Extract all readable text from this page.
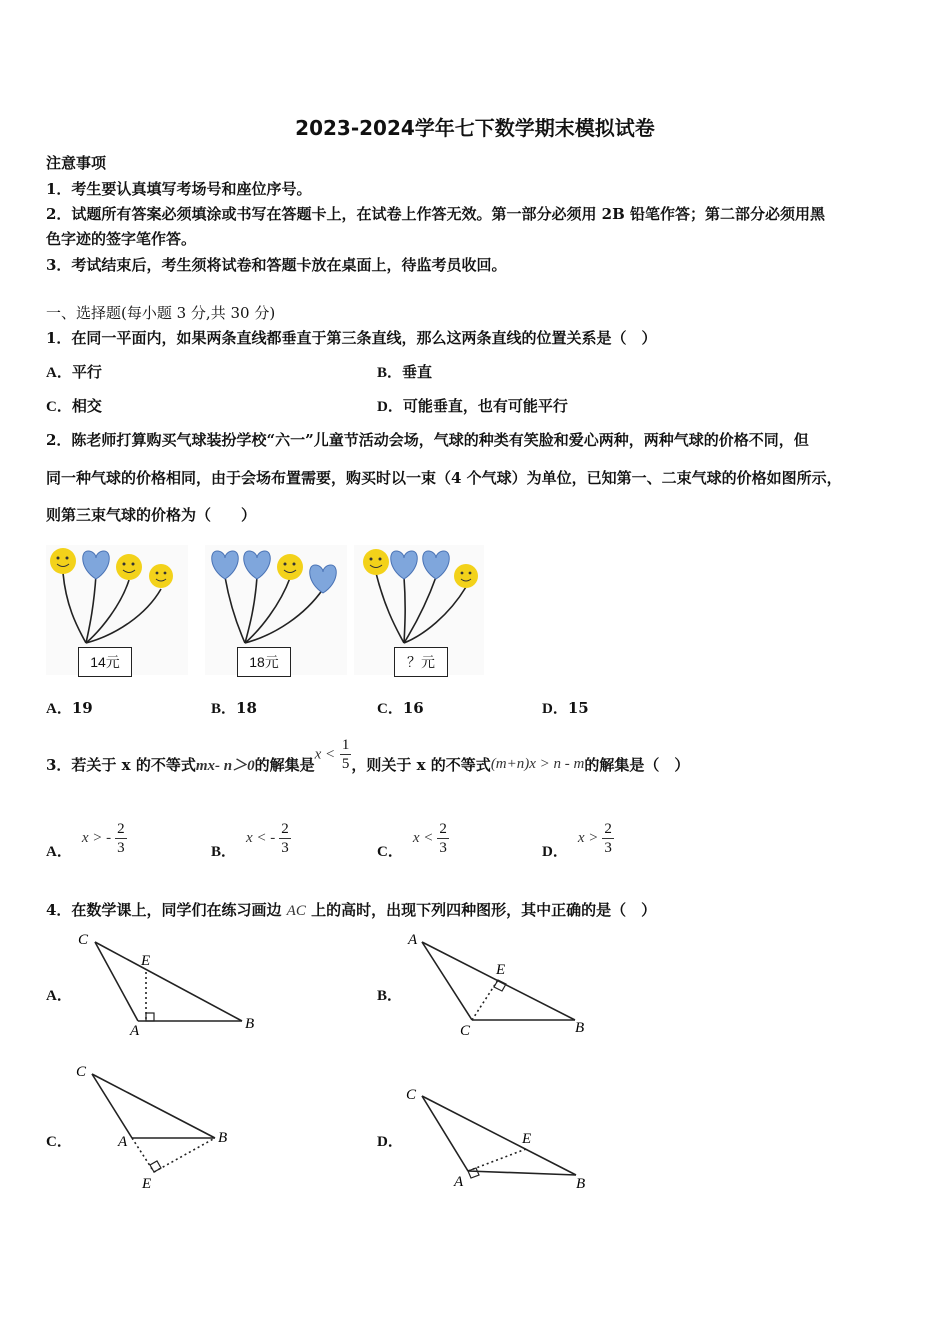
2023-2024学年七下数学期末模拟试卷
注意事项
1．考生要认真填写考场号和座位序号。
2．试题所有答案必须填涂或书写在答题卡上，在试卷上作答无效。第一部分必须用 2B 铅笔作答；第二部分必须用黑
色字迹的签字笔作答。
3．考试结束后，考生须将试卷和答题卡放在桌面上，待监考员收回。
一、选择题(每小题 3 分,共 30 分)
1．在同一平面内，如果两条直线都垂直于第三条直线，那么这两条直线的位置关系是（　）
A．平行	B．垂直
C．相交	D．可能垂直，也有可能平行
2．陈老师打算购买气球装扮学校“六一”儿童节活动会场，气球的种类有笑脸和爱心两种，两种气球的价格不同，但
同一种气球的价格相同，由于会场布置需要，购买时以一束（4 个气球）为单位，已知第一、二束气球的价格如图所示，
则第三束气球的价格为（　　）
14元	18元	？元
A．19	B．18	C．16	D．15
3．若关于 x 的不等式 mx- n＞0 的解集是
$x < \frac{1}{5}$ ，则关于 x 的不等式 (m+n)x > n - m 的解集是（　）
A．
x > - $\frac{2}{3}$	B．
x < - $\frac{2}{3}$	C．
$x < \frac{2}{3}$	D．
$x > \frac{2}{3}$
4．在数学课上，同学们在练习画边 AC 上的高时，出现下列四种图形，其中正确的是（　）
A．	B．
C．	D．
C
E
A	B
A
E
C	B
C
A	B
E
C
E
A	B
